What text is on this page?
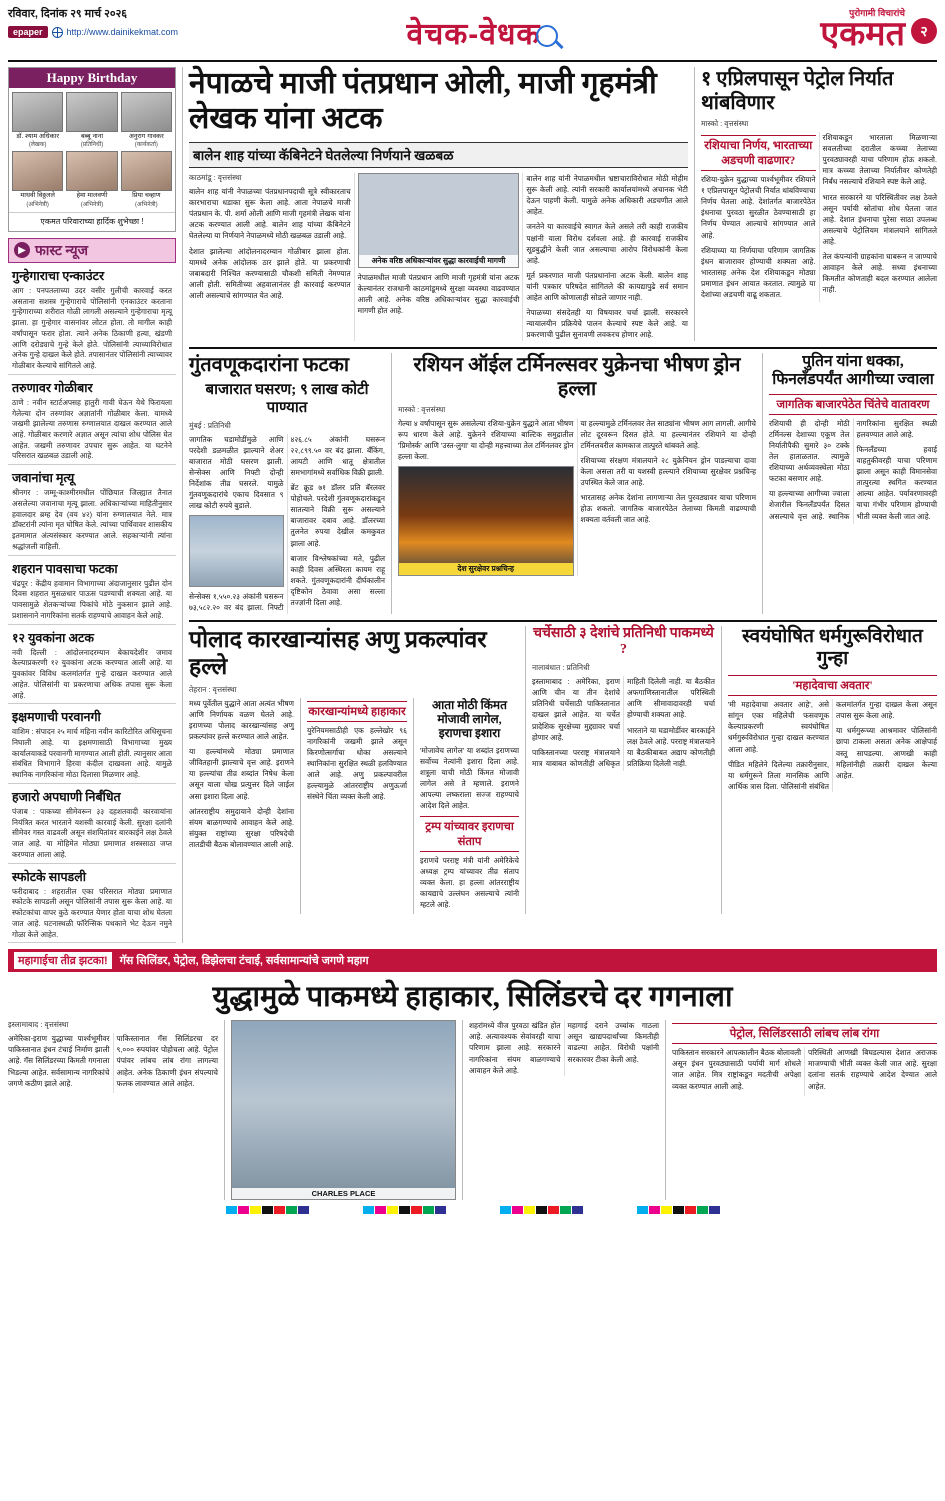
रविवार, दिनांक २९ मार्च २०२६
epaper	http://www.dainikekmat.com	वेचक-वेधक
पुरोगामी विचारांचे
एकमत	२
Happy Birthday
डॉ. श्याम अधिकार
(लेखक)
बब्बू नाना
(प्रतिनिधी)
अनुराग गावकर
(कार्यकर्ता)
माधवी विठ्ठलले
(अभिनेत्री)
हेमा मालवणी
(अभिनेत्री)
प्रिया चव्हाण
(अभिनेत्री)
एकमत परिवाराच्या हार्दिक शुभेच्छा !
▶ फास्ट न्यूज
गुन्हेगाराचा एन्काउंटर

आग : पनपतलाच्या उदर वसीर गुलीची कारवाई करत असताना सशस्त्र गुन्हेगाराचे पोलिसांनी एनकाउंटर करताना गुन्हेगाराच्या शरीरात गोळी लागली असल्याने गुन्हेगाराचा मृत्यू झाला. हा गुन्हेगार वासनांवर लोटत होता. तो मागील काही वर्षांपासून फरार होता. त्याने अनेक ठिकाणी हत्या, खंडणी आणि दरोड्याचे गुन्हे केले होते. पोलिसांनी त्याच्याविरोधात अनेक गुन्हे दाखल केले होते. तपासानंतर पोलिसांनी त्याच्यावर गोळीबार केल्याचे सांगितले आहे.

तरुणावर गोळीबार

ठाणे : नवीन स्टार्टअपसह हातुरी गावी घेऊन येथे फिरायला गेलेल्या दोन तरुणांवर अज्ञातांनी गोळीबार केला. यामध्ये जखमी झालेल्या तरुणास रुग्णालयात दाखल करण्यात आले आहे. गोळीबार करणारे अज्ञात असून त्यांचा शोध पोलिस घेत आहेत. जखमी तरुणावर उपचार सुरू आहेत. या घटनेने परिसरात खळबळ उडाली आहे.

जवानांचा मृत्यू

श्रीनगर : जम्मू-काश्मीरमधील पोंछियात जिल्ह्यात तैनात असलेल्या जवानाचा मृत्यू झाला. अधिकाऱ्यांच्या माहितीनुसार हवालदार ब्रम्ह देव (वय ४२) यांना रुग्णालयात नेले. मात्र डॉक्टरांनी त्यांना मृत घोषित केले. त्यांच्या पार्थिवावर शासकीय इतमामात अंत्यसंस्कार करण्यात आले. सहकाऱ्यांनी त्यांना श्रद्धांजली वाहिली.

शहरान पावसाचा फटका

चंद्रपूर : केंद्रीय हवामान विभागाच्या अंदाजानुसार पुढील दोन दिवस शहरात मुसळधार पाऊस पडण्याची शक्यता आहे. या पावसामुळे शेतकऱ्यांच्या पिकांचे मोठे नुकसान झाले आहे. प्रशासनाने नागरिकांना सतर्क राहण्याचे आवाहन केले आहे.

१२ युवकांना अटक

नवी दिल्ली : आंदोलनादरम्यान बेकायदेशीर जमाव केल्याप्रकरणी १२ युवकांना अटक करण्यात आली आहे. या युवकांवर विविध कलमांतर्गत गुन्हे दाखल करण्यात आले आहेत. पोलिसांनी या प्रकरणाचा अधिक तपास सुरू केला आहे.

इक्षमणाची परवानगी

वाशिम : संपादन २५ मार्च महिना नवीन कारिटोरित अधिसूचना निघाली आहे. या इक्षमणासाठी विभागाच्या मुख्य कार्यालयाकडे परवानगी मागण्यात आली होती. त्यानुसार आता संबंधित विभागाने हिरवा कंदील दाखवला आहे. यामुळे स्थानिक नागरिकांना मोठा दिलासा मिळणार आहे.

हजारो अपघाणी निर्बंधित

पंजाब : पाकच्या सीमेवरून ३३ दहशतवादी कारवायांना नियंत्रित करत भारताने यशस्वी कारवाई केली. सुरक्षा दलांनी सीमेवर गस्त वाढवली असून संशयितांवर बारकाईने लक्ष ठेवले जात आहे. या मोहिमेत मोठ्या प्रमाणात शस्त्रसाठा जप्त करण्यात आला आहे.

स्फोटके सापडली

फरीदाबाद : शहरातील एका परिसरात मोठ्या प्रमाणात स्फोटके सापडली असून पोलिसांनी तपास सुरू केला आहे. या स्फोटकांचा वापर कुठे करण्यात येणार होता याचा शोध घेतला जात आहे. घटनास्थळी फॉरेन्सिक पथकाने भेट देऊन नमुने गोळा केले आहेत.

नेपाळचे माजी पंतप्रधान ओली, माजी गृहमंत्री लेखक यांना अटक
बालेन शाह यांच्या कॅबिनेटने घेतलेल्या निर्णयाने खळबळ
काठमांडू : वृत्तसंस्था

बालेन शाह यांनी नेपाळच्या पंतप्रधानपदाची सूत्रे स्वीकारताच कारभाराचा धडाका सुरू केला आहे. आता नेपाळचे माजी पंतप्रधान के. पी. शर्मा ओली आणि माजी गृहमंत्री लेखक यांना अटक करण्यात आली आहे. बालेन शाह यांच्या कॅबिनेटने घेतलेल्या या निर्णयाने नेपाळमध्ये मोठी खळबळ उडाली आहे.

देशात झालेल्या आंदोलनादरम्यान गोळीबार झाला होता. यामध्ये अनेक आंदोलक ठार झाले होते. या प्रकरणाची जबाबदारी निश्चित करण्यासाठी चौकशी समिती नेमण्यात आली होती. समितीच्या अहवालानंतर ही कारवाई करण्यात आली असल्याचे सांगण्यात येत आहे.

अनेक वरिष्ठ अधिकाऱ्यांवर सुद्धा कारवाईची मागणी

नेपाळमधील माजी पंतप्रधान आणि माजी गृहमंत्री यांना अटक केल्यानंतर राजधानी काठमांडूमध्ये सुरक्षा व्यवस्था वाढवण्यात आली आहे. अनेक वरिष्ठ अधिकाऱ्यांवर सुद्धा कारवाईची मागणी होत आहे.

बालेन शाह यांनी नेपाळमधील भ्रष्टाचाराविरोधात मोठी मोहीम सुरू केली आहे. त्यांनी सरकारी कार्यालयांमध्ये अचानक भेटी देऊन पाहणी केली. यामुळे अनेक अधिकारी अडचणीत आले आहेत.

जनतेने या कारवाईचे स्वागत केले असले तरी काही राजकीय पक्षांनी याला विरोध दर्शवला आहे. ही कारवाई राजकीय सूडबुद्धीने केली जात असल्याचा आरोप विरोधकांनी केला आहे.

मूर्त प्रकरणात माजी पंतप्रधानांना अटक केली. बालेन शाह यांनी पत्रकार परिषदेत सांगितले की कायद्यापुढे सर्व समान आहेत आणि कोणालाही सोडले जाणार नाही.

नेपाळच्या संसदेतही या विषयावर चर्चा झाली. सरकारने न्यायालयीन प्रक्रियेचे पालन केल्याचे स्पष्ट केले आहे. या प्रकरणाची पुढील सुनावणी लवकरच होणार आहे.

१ एप्रिलपासून पेट्रोल निर्यात थांबविणार
मास्को : वृत्तसंस्था
रशियाचा निर्णय, भारताच्या अडचणी वाढणार?

रशिया-युक्रेन युद्धाच्या पार्श्वभूमीवर रशियाने १ एप्रिलपासून पेट्रोलची निर्यात थांबविण्याचा निर्णय घेतला आहे. देशांतर्गत बाजारपेठेत इंधनाचा पुरवठा सुरळीत ठेवण्यासाठी हा निर्णय घेण्यात आल्याचे सांगण्यात आले आहे.

रशियाच्या या निर्णयाचा परिणाम जागतिक इंधन बाजारावर होण्याची शक्यता आहे. भारतासह अनेक देश रशियाकडून मोठ्या प्रमाणात इंधन आयात करतात. त्यामुळे या देशांच्या अडचणी वाढू शकतात.

रशियाकडून भारताला मिळणाऱ्या सवलतीच्या दरातील कच्च्या तेलाच्या पुरवठ्यावरही याचा परिणाम होऊ शकतो. मात्र कच्च्या तेलाच्या निर्यातीवर कोणतेही निर्बंध नसल्याचे रशियाने स्पष्ट केले आहे.

भारत सरकारने या परिस्थितीवर लक्ष ठेवले असून पर्यायी स्रोतांचा शोध घेतला जात आहे. देशात इंधनाचा पुरेसा साठा उपलब्ध असल्याचे पेट्रोलियम मंत्रालयाने सांगितले आहे.

तेल कंपन्यांनी ग्राहकांना घाबरून न जाण्याचे आवाहन केले आहे. सध्या इंधनाच्या किमतीत कोणताही बदल करण्यात आलेला नाही.

गुंतवणूकदारांना फटका
बाजारात घसरण; ९ लाख कोटी पाण्यात
मुंबई : प्रतिनिधी

जागतिक घडामोडींमुळे आणि परदेशी डळमळीत झाल्याने शेअर बाजारात मोठी घसरण झाली. सेन्सेक्स आणि निफ्टी दोन्ही निर्देशांक तीव्र घसरले. यामुळे गुंतवणूकदारांचे एकाच दिवसात ९ लाख कोटी रुपये बुडाले.

सेन्सेक्स १,५५०.२३ अंकांनी घसरून ७३,५८२.२० वर बंद झाला. निफ्टी ४२६.८५ अंकांनी घसरून २२,८९९.५० वर बंद झाला. बँकिंग, आयटी आणि धातू क्षेत्रातील समभागांमध्ये सर्वाधिक विक्री झाली.

ब्रेंट क्रूड ७१ डॉलर प्रति बॅरलवर पोहोचले. परदेशी गुंतवणूकदारांकडून सातत्याने विक्री सुरू असल्याने बाजारावर दबाव आहे. डॉलरच्या तुलनेत रुपया देखील कमकुवत झाला आहे.

बाजार विश्लेषकांच्या मते, पुढील काही दिवस अस्थिरता कायम राहू शकते. गुंतवणूकदारांनी दीर्घकालीन दृष्टिकोन ठेवावा असा सल्ला तज्ज्ञांनी दिला आहे.

रशियन ऑईल टर्मिनल्सवर युक्रेनचा भीषण ड्रोन हल्ला
मास्को : वृत्तसंस्था

गेल्या ४ वर्षांपासून सुरू असलेल्या रशिया-युक्रेन युद्धाने आता भीषण रूप धारण केले आहे. युक्रेनने रशियाच्या बाल्टिक समुद्रातील 'प्रिमोर्स्क' आणि 'उस्त-लुगा' या दोन्ही महत्त्वाच्या तेल टर्मिनलवर ड्रोन हल्ला केला.

देश सुरक्षेवर प्रश्नचिन्ह

या हल्ल्यामुळे टर्मिनलवर तेल साठ्यांना भीषण आग लागली. आगीचे लोट दूरवरून दिसत होते. या हल्ल्यानंतर रशियाने या दोन्ही टर्मिनलवरील कामकाज तात्पुरते थांबवले आहे.

रशियाच्या संरक्षण मंत्रालयाने २८ युक्रेनियन ड्रोन पाडल्याचा दावा केला असला तरी या यशस्वी हल्ल्याने रशियाच्या सुरक्षेवर प्रश्नचिन्ह उपस्थित केले जात आहे.

भारतासह अनेक देशांना लागणाऱ्या तेल पुरवठ्यावर याचा परिणाम होऊ शकतो. जागतिक बाजारपेठेत तेलाच्या किमती वाढण्याची शक्यता वर्तवली जात आहे.

पुतिन यांना धक्का, फिनलँडपर्यंत आगीच्या ज्वाला
जागतिक बाजारपेठेत चिंतेचे वातावरण

रशियाची ही दोन्ही मोठी टर्मिनल्स देशाच्या एकूण तेल निर्यातीपैकी सुमारे ३० टक्के तेल हाताळतात. त्यामुळे रशियाच्या अर्थव्यवस्थेला मोठा फटका बसणार आहे.

या हल्ल्याच्या आगीच्या ज्वाला शेजारील फिनलँडपर्यंत दिसत असल्याचे वृत्त आहे. स्थानिक नागरिकांना सुरक्षित स्थळी हलवण्यात आले आहे.

फिनलँडच्या हवाई वाहतुकीवरही याचा परिणाम झाला असून काही विमानसेवा तात्पुरत्या स्थगित करण्यात आल्या आहेत. पर्यावरणावरही याचा गंभीर परिणाम होण्याची भीती व्यक्त केली जात आहे.

पोलाद कारखान्यांसह अणु प्रकल्पांवर हल्ले
तेहरान : वृत्तसंस्था

मध्य पूर्वेतील युद्धाने आता अत्यंत भीषण आणि निर्णायक वळण घेतले आहे. इराणच्या पोलाद कारखान्यांसह अणु प्रकल्पांवर हल्ले करण्यात आले आहेत.

या हल्ल्यांमध्ये मोठ्या प्रमाणात जीवितहानी झाल्याचे वृत्त आहे. इराणने या हल्ल्यांचा तीव्र शब्दांत निषेध केला असून याला चोख प्रत्युत्तर दिले जाईल असा इशारा दिला आहे.

आंतरराष्ट्रीय समुदायाने दोन्ही देशांना संयम बाळगण्याचे आवाहन केले आहे. संयुक्त राष्ट्रांच्या सुरक्षा परिषदेची तातडीची बैठक बोलावण्यात आली आहे.

कारखान्यांमध्ये हाहाकार

युरेनियमसाठीही एक हल्लेखोर ९६ नागरिकांनी जखमी झाले असून किरणोत्सर्गाचा धोका असल्याने स्थानिकांना सुरक्षित स्थळी हलविण्यात आले आहे. अणु प्रकल्पावरील हल्ल्यामुळे आंतरराष्ट्रीय अणुऊर्जा संस्थेने चिंता व्यक्त केली आहे.

आता मोठी किंमत मोजावी लागेल, इराणचा इशारा

'मोजावेच लागेल' या शब्दांत इराणच्या सर्वोच्च नेत्यांनी इशारा दिला आहे. शत्रूला याची मोठी किंमत मोजावी लागेल असे ते म्हणाले. इराणने आपल्या लष्कराला सज्ज राहण्याचे आदेश दिले आहेत.

ट्रम्प यांच्यावर इराणचा संताप

इराणचे परराष्ट्र मंत्री यांनी अमेरिकेचे अध्यक्ष ट्रम्प यांच्यावर तीव्र संताप व्यक्त केला. हा हल्ला आंतरराष्ट्रीय कायद्याचे उल्लंघन असल्याचे त्यांनी म्हटले आहे.

चर्चेसाठी ३ देशांचे प्रतिनिधी पाकमध्ये ?
नालाबंधात : प्रतिनिधी

इस्लामाबाद : अमेरिका, इराण आणि चीन या तीन देशांचे प्रतिनिधी चर्चेसाठी पाकिस्तानात दाखल झाले आहेत. या चर्चेत प्रादेशिक सुरक्षेच्या मुद्द्यावर चर्चा होणार आहे.

पाकिस्तानच्या परराष्ट्र मंत्रालयाने मात्र याबाबत कोणतीही अधिकृत माहिती दिलेली नाही. या बैठकीत अफगाणिस्तानातील परिस्थिती आणि सीमावादावरही चर्चा होण्याची शक्यता आहे.

भारताने या घडामोडींवर बारकाईने लक्ष ठेवले आहे. परराष्ट्र मंत्रालयाने या बैठकीबाबत अद्याप कोणतीही प्रतिक्रिया दिलेली नाही.

स्वयंघोषित धर्मगुरूविरोधात गुन्हा
'महादेवाचा अवतार'

'मी महादेवाचा अवतार आहे', असे सांगून एका महिलेची फसवणूक केल्याप्रकरणी स्वयंघोषित धर्मगुरूविरोधात गुन्हा दाखल करण्यात आला आहे.

पीडित महिलेने दिलेल्या तक्रारीनुसार, या धर्मगुरूने तिला मानसिक आणि आर्थिक त्रास दिला. पोलिसांनी संबंधित कलमांतर्गत गुन्हा दाखल केला असून तपास सुरू केला आहे.

या धर्मगुरूच्या आश्रमावर पोलिसांनी छापा टाकला असता अनेक आक्षेपार्ह वस्तू सापडल्या. आणखी काही महिलांनीही तक्रारी दाखल केल्या आहेत.

महागाईचा तीव्र झटका!	गॅस सिलिंडर, पेट्रोल, डिझेलचा टंचाई, सर्वसामान्यांचे जगणे महाग
युद्धामुळे पाकमध्ये हाहाकार, सिलिंडरचे दर गगनाला
इस्लामाबाद : वृत्तसंस्था

अमेरिका-इराण युद्धाच्या पार्श्वभूमीवर पाकिस्तानात इंधन टंचाई निर्माण झाली आहे. गॅस सिलिंडरच्या किमती गगनाला भिडल्या आहेत. सर्वसामान्य नागरिकांचे जगणे कठीण झाले आहे.

पाकिस्तानात गॅस सिलिंडरचा दर ९,००० रुपयांवर पोहोचला आहे. पेट्रोल पंपांवर लांबच लांब रांगा लागल्या आहेत. अनेक ठिकाणी इंधन संपल्याचे फलक लावण्यात आले आहेत.

CHARLES PLACE

शहरांमध्ये वीज पुरवठा खंडित होत आहे. अत्यावश्यक सेवांवरही याचा परिणाम झाला आहे. सरकारने नागरिकांना संयम बाळगण्याचे आवाहन केले आहे.

महागाई दराने उच्चांक गाठला असून खाद्यपदार्थांच्या किमतीही वाढल्या आहेत. विरोधी पक्षांनी सरकारवर टीका केली आहे.

पेट्रोल, सिलिंडरसाठी लांबच लांब रांगा

पाकिस्तान सरकारने आपत्कालीन बैठक बोलावली असून इंधन पुरवठ्यासाठी पर्यायी मार्ग शोधले जात आहेत. मित्र राष्ट्रांकडून मदतीची अपेक्षा व्यक्त करण्यात आली आहे.

परिस्थिती आणखी बिघडल्यास देशात अराजक माजण्याची भीती व्यक्त केली जात आहे. सुरक्षा दलांना सतर्क राहण्याचे आदेश देण्यात आले आहेत.
